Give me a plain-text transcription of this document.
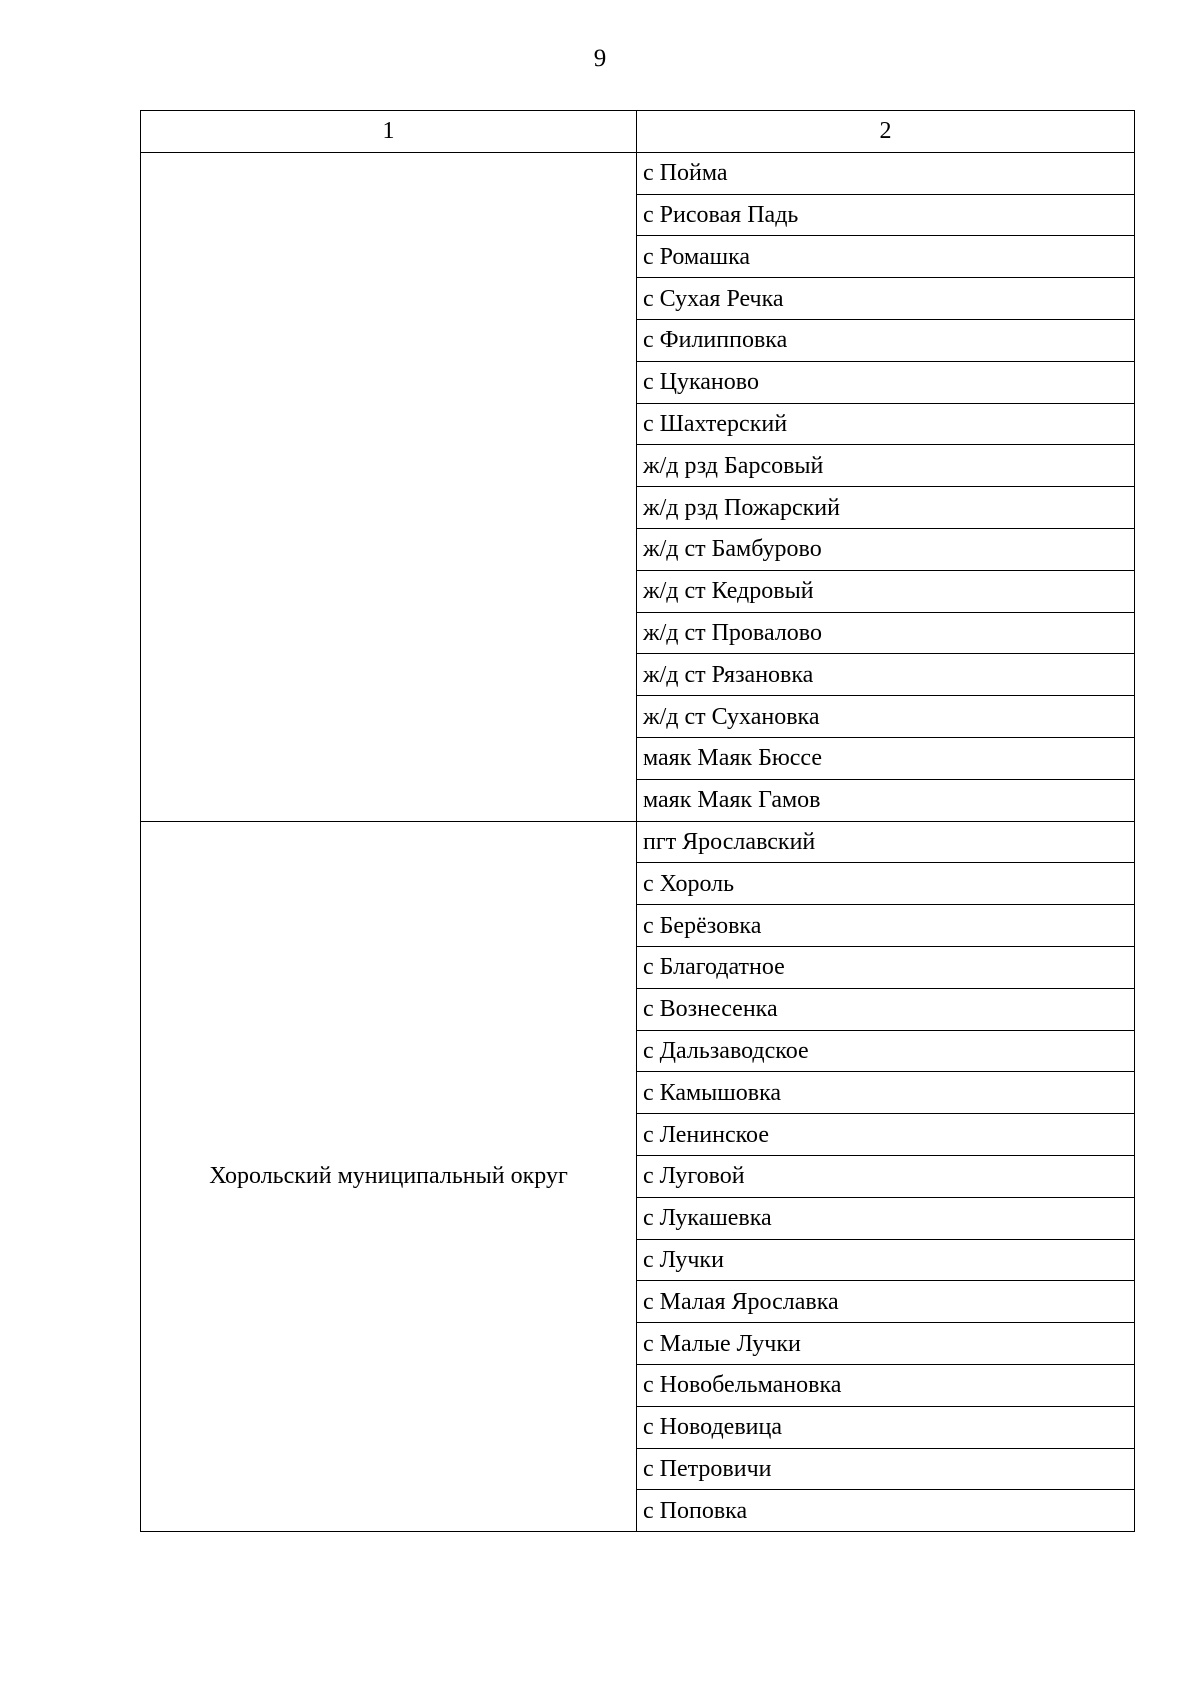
9
1	2
	с Пойма
	с Рисовая Падь
	с Ромашка
	с Сухая Речка
	с Филипповка
	с Цуканово
	с Шахтерский
	ж/д рзд Барсовый
	ж/д рзд Пожарский
	ж/д ст Бамбурово
	ж/д ст Кедровый
	ж/д ст Провалово
	ж/д ст Рязановка
	ж/д ст Сухановка
	маяк Маяк Бюссе
	маяк Маяк Гамов
Хорольский муниципальный округ	пгт Ярославский
	с Хороль
	с Берёзовка
	с Благодатное
	с Вознесенка
	с Дальзаводское
	с Камышовка
	с Ленинское
	с Луговой
	с Лукашевка
	с Лучки
	с Малая Ярославка
	с Малые Лучки
	с Новобельмановка
	с Новодевица
	с Петровичи
	с Поповка
